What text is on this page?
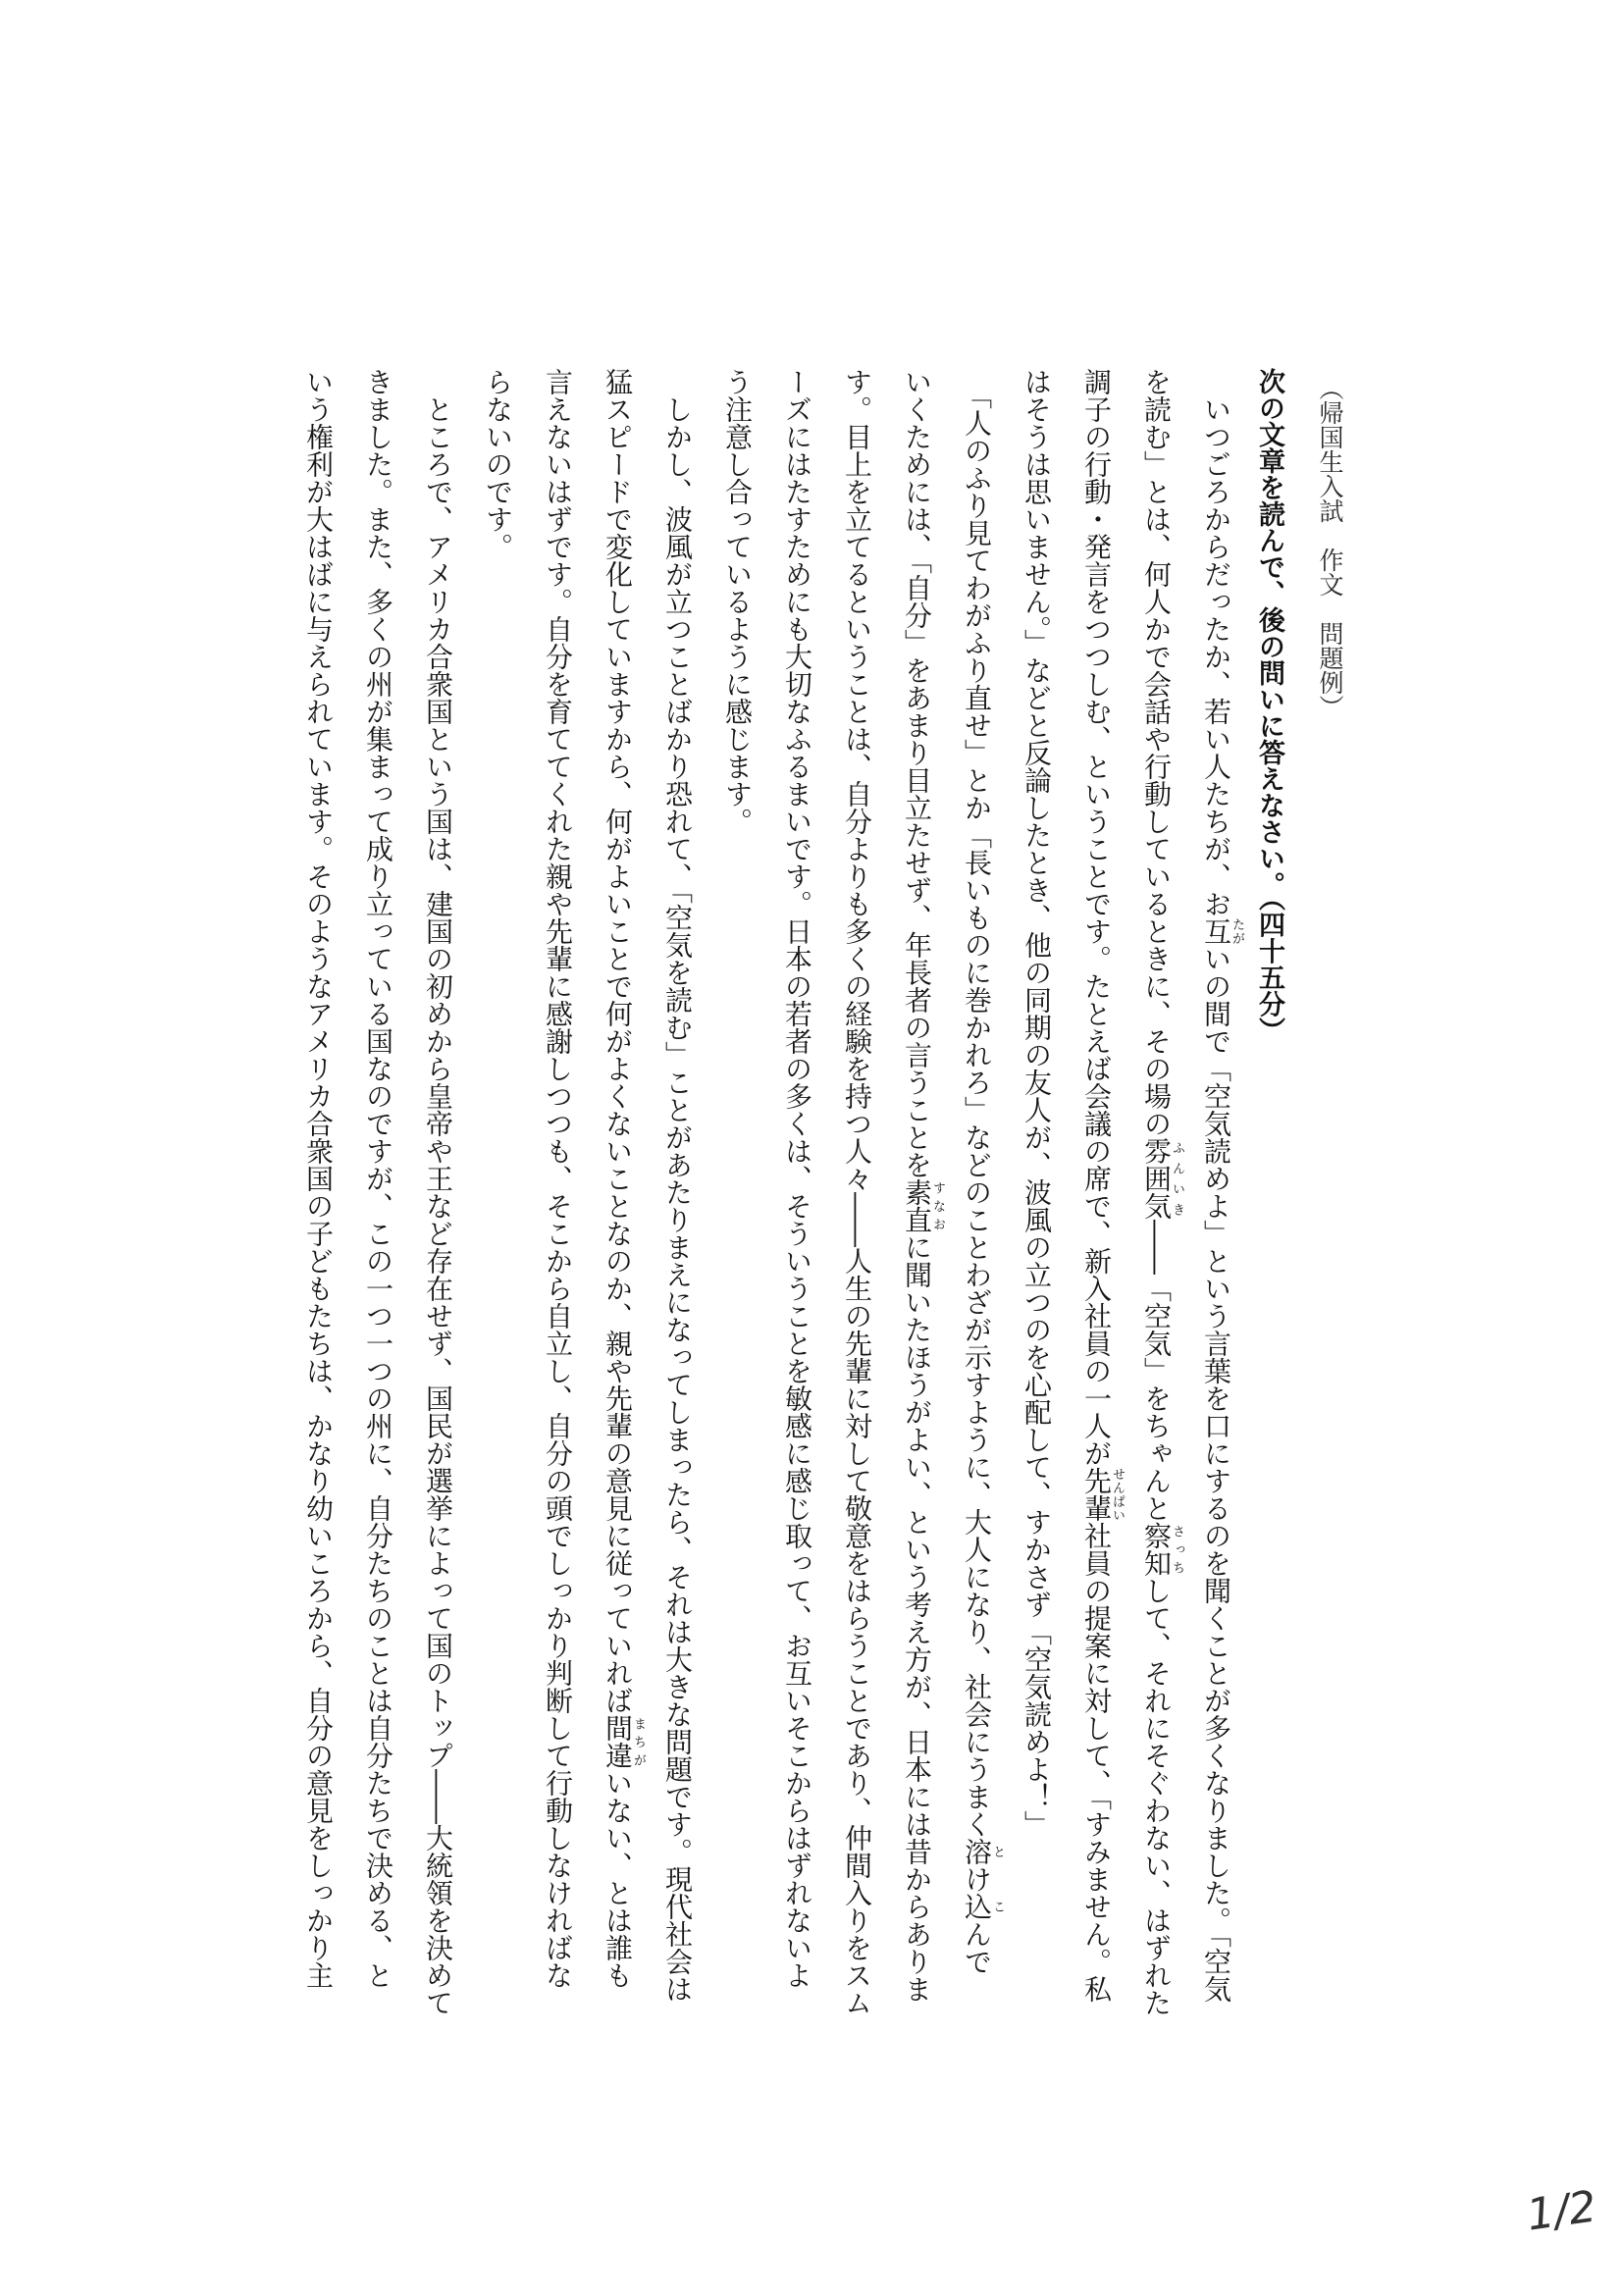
（帰国生入試　作文　問題例）
次の文章を読んで、後の問いに答えなさい。（四十五分）
　いつごろからだったか、若い人たちが、お互たがいの間で「空気読めよ」という言葉を口にするのを聞くことが多くなりました。「空気
を読む」とは、何人かで会話や行動しているときに、その場の雰囲気ふんいき――「空気」をちゃんと察知さっちして、それにそぐわない、はずれた
調子の行動・発言をつつしむ、ということです。たとえば会議の席で、新入社員の一人が先輩せんぱい社員の提案に対して、「すみません。私
はそうは思いません。」などと反論したとき、他の同期の友人が、波風の立つのを心配して、すかさず「空気読めよ！」
　「人のふり見てわがふり直せ」とか「長いものに巻かれろ」などのことわざが示すように、大人になり、社会にうまく溶とけ込こんで
いくためには、「自分」をあまり目立たせず、年長者の言うことを素直すなおに聞いたほうがよい、という考え方が、日本には昔からありま
す。目上を立てるということは、自分よりも多くの経験を持つ人々――人生の先輩に対して敬意をはらうことであり、仲間入りをスム
ーズにはたすためにも大切なふるまいです。日本の若者の多くは、そういうことを敏感に感じ取って、お互いそこからはずれないよ
う注意し合っているように感じます。
　しかし、波風が立つことばかり恐れて、「空気を読む」ことがあたりまえになってしまったら、それは大きな問題です。現代社会は
猛スピードで変化していますから、何がよいことで何がよくないことなのか、親や先輩の意見に従っていれば間違まちがいない、とは誰も
言えないはずです。自分を育ててくれた親や先輩に感謝しつつも、そこから自立し、自分の頭でしっかり判断して行動しなければな
らないのです。
　ところで、アメリカ合衆国という国は、建国の初めから皇帝や王など存在せず、国民が選挙によって国のトップ――大統領を決めて
きました。また、多くの州が集まって成り立っている国なのですが、この一つ一つの州に、自分たちのことは自分たちで決める、と
いう権利が大はばに与えられています。そのようなアメリカ合衆国の子どもたちは、かなり幼いころから、自分の意見をしっかり主
1/2
